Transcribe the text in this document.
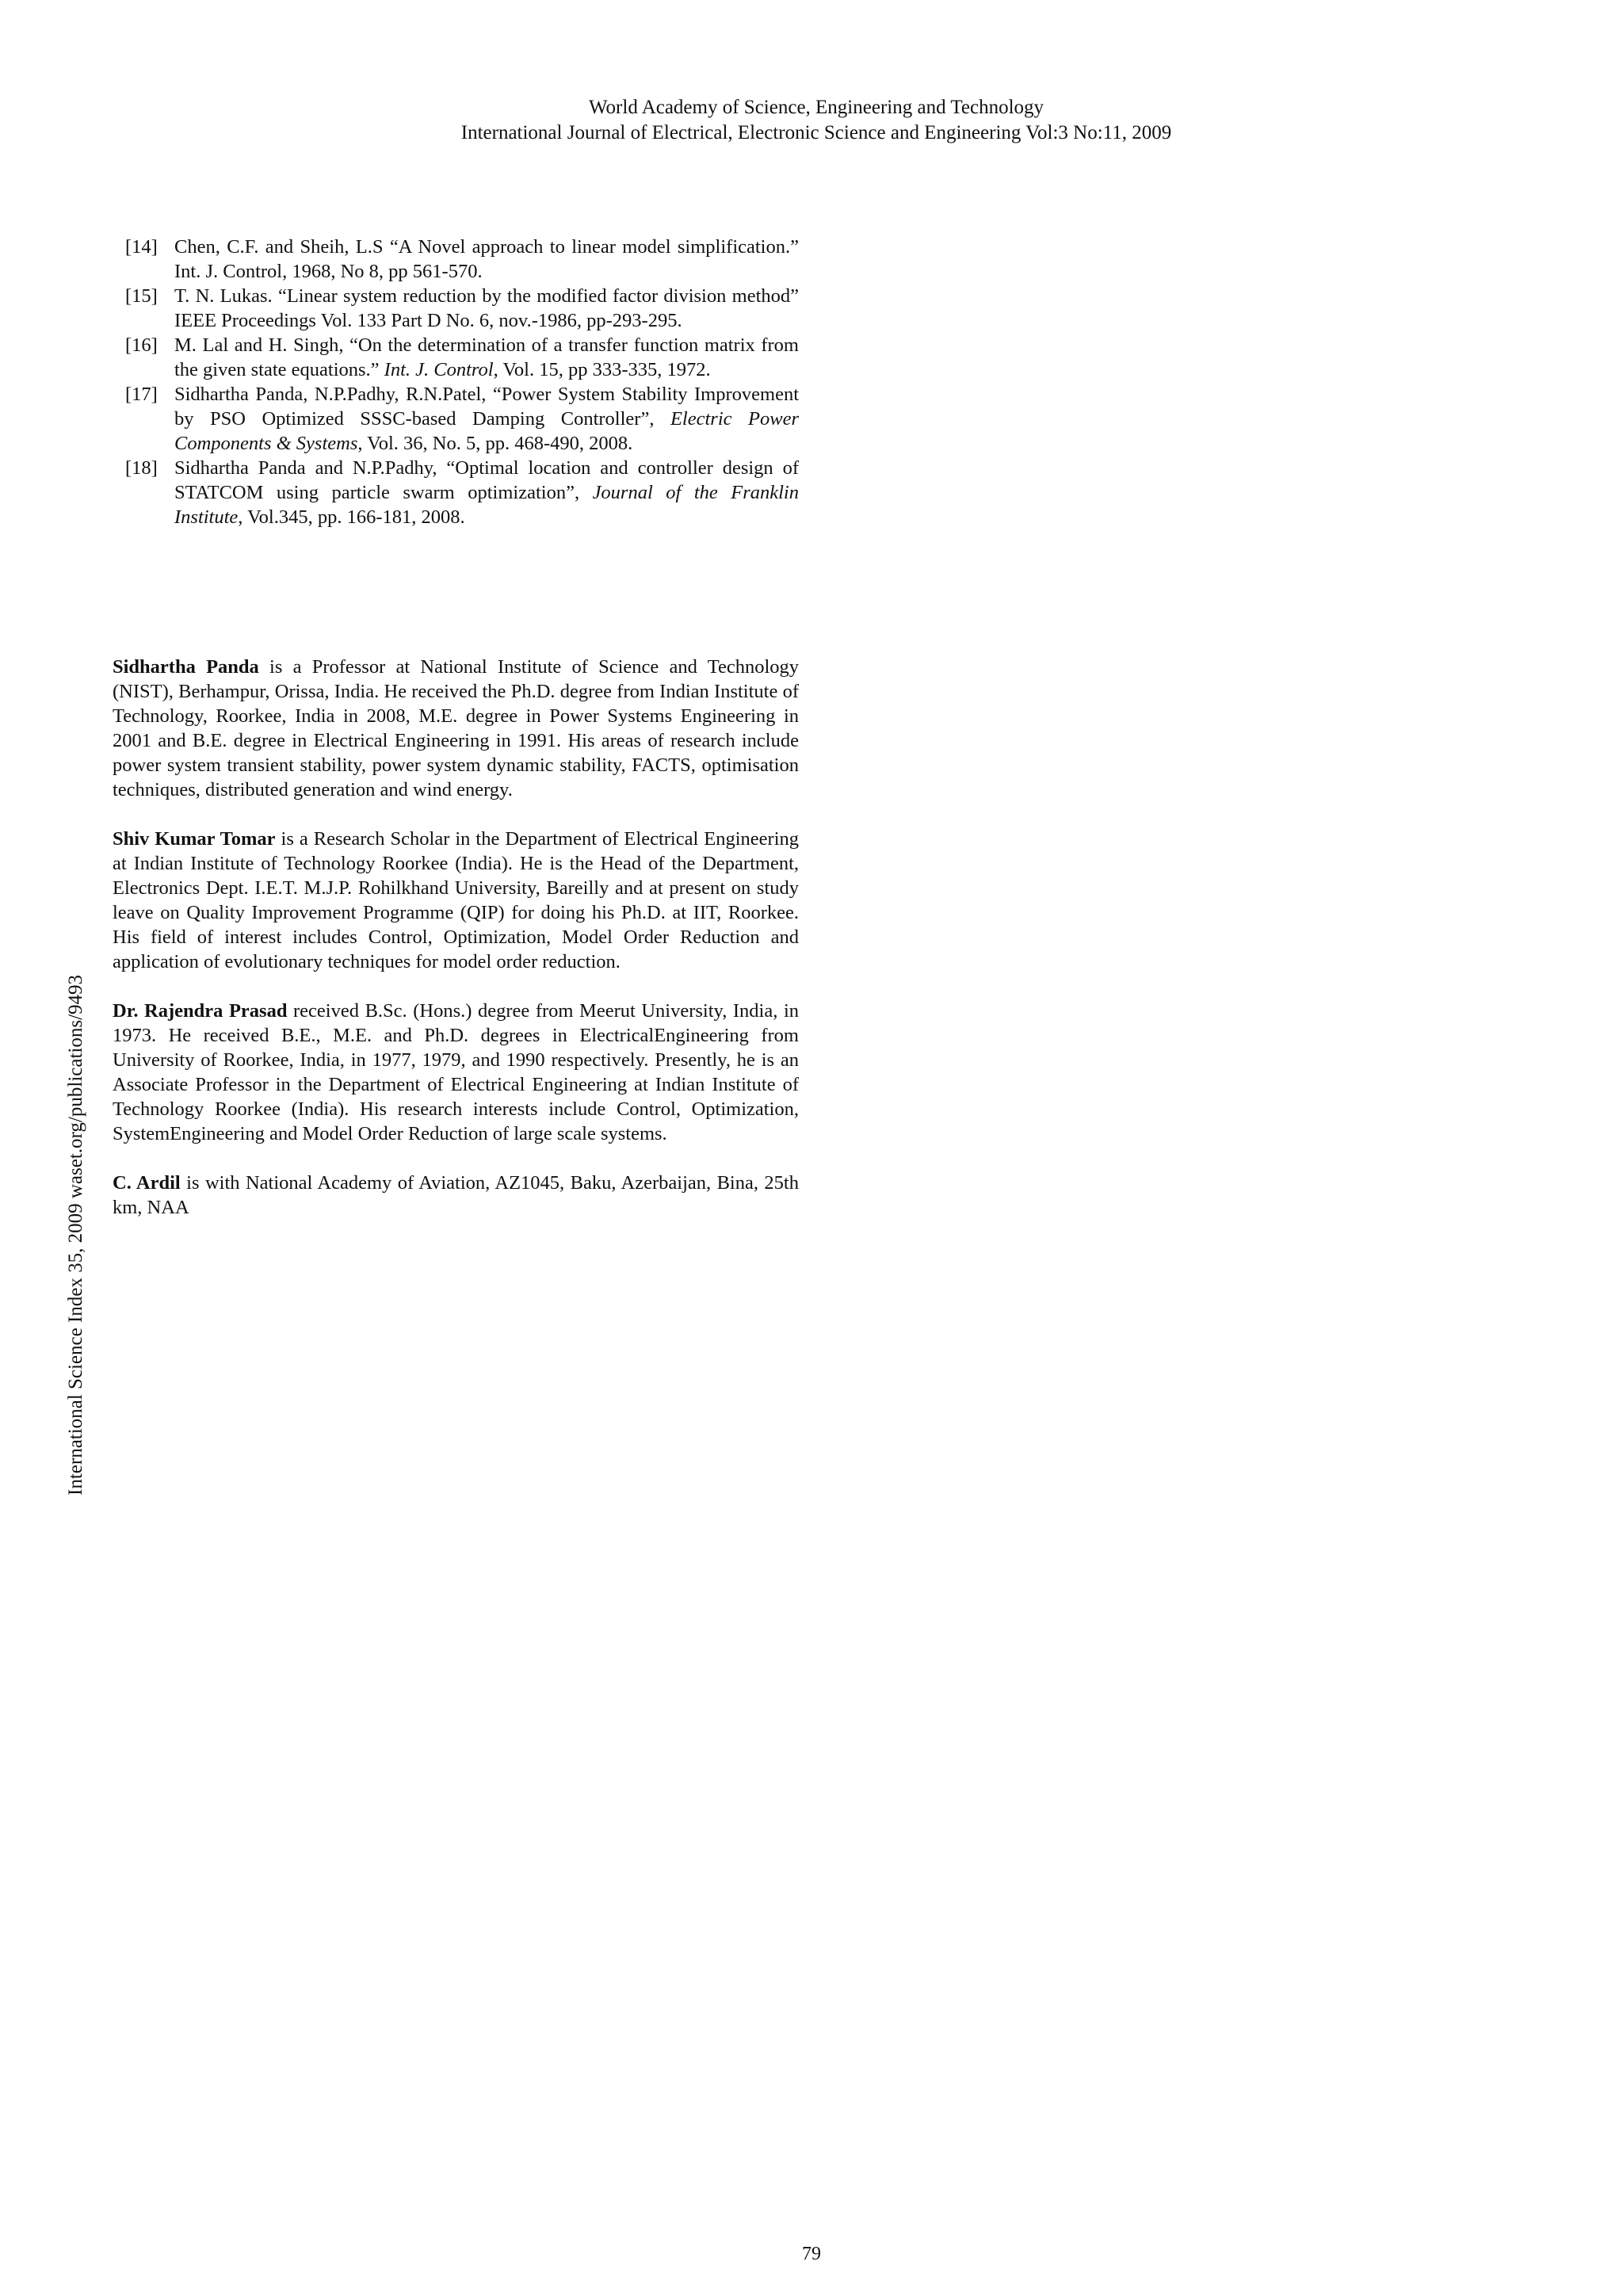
World Academy of Science, Engineering and Technology
International Journal of Electrical, Electronic Science and Engineering Vol:3 No:11, 2009

[14] Chen, C.F. and Sheih, L.S “A Novel approach to linear model simplification.” Int. J. Control, 1968, No 8, pp 561-570.

[15] T. N. Lukas. “Linear system reduction by the modified factor division method” IEEE Proceedings Vol. 133 Part D No. 6, nov.-1986, pp-293-295.

[16] M. Lal and H. Singh, “On the determination of a transfer function matrix from the given state equations.” Int. J. Control, Vol. 15, pp 333-335, 1972.

[17] Sidhartha Panda, N.P.Padhy, R.N.Patel, “Power System Stability Improvement by PSO Optimized SSSC-based Damping Controller”, Electric Power Components & Systems, Vol. 36, No. 5, pp. 468-490, 2008.

[18] Sidhartha Panda and N.P.Padhy, “Optimal location and controller design of STATCOM using particle swarm optimization”, Journal of the Franklin Institute, Vol.345, pp. 166-181, 2008.

Sidhartha Panda is a Professor at National Institute of Science and Technology (NIST), Berhampur, Orissa, India. He received the Ph.D. degree from Indian Institute of Technology, Roorkee, India in 2008, M.E. degree in Power Systems Engineering in 2001 and B.E. degree in Electrical Engineering in 1991. His areas of research include power system transient stability, power system dynamic stability, FACTS, optimisation techniques, distributed generation and wind energy.

Shiv Kumar Tomar is a Research Scholar in the Department of Electrical Engineering at Indian Institute of Technology Roorkee (India). He is the Head of the Department, Electronics Dept. I.E.T. M.J.P. Rohilkhand University, Bareilly and at present on study leave on Quality Improvement Programme (QIP) for doing his Ph.D. at IIT, Roorkee. His field of interest includes Control, Optimization, Model Order Reduction and application of evolutionary techniques for model order reduction.

Dr. Rajendra Prasad received B.Sc. (Hons.) degree from Meerut University, India, in 1973. He received B.E., M.E. and Ph.D. degrees in ElectricalEngineering from University of Roorkee, India, in 1977, 1979, and 1990 respectively. Presently, he is an Associate Professor in the Department of Electrical Engineering at Indian Institute of Technology Roorkee (India). His research interests include Control, Optimization, SystemEngineering and Model Order Reduction of large scale systems.

C. Ardil is with National Academy of Aviation, AZ1045, Baku, Azerbaijan, Bina, 25th km, NAA

International Science Index 35, 2009 waset.org/publications/9493
79
